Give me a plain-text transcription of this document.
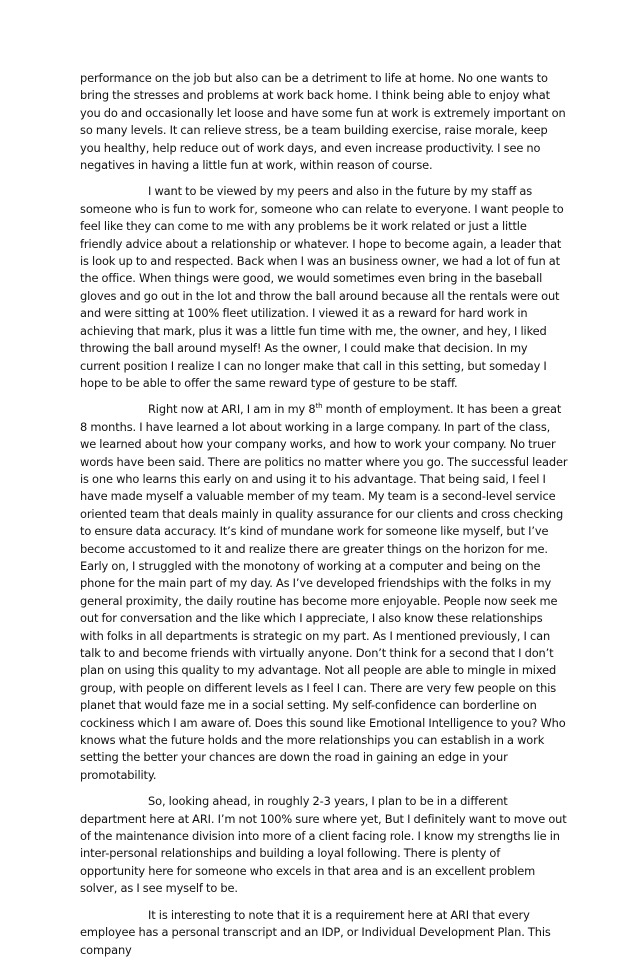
performance on the job but also can be a detriment to life at home. No one wants to bring the stresses and problems at work back home. I think being able to enjoy what you do and occasionally let loose and have some fun at work is extremely important on so many levels. It can relieve stress, be a team building exercise, raise morale, keep you healthy, help reduce out of work days, and even increase productivity. I see no negatives in having a little fun at work, within reason of course.

I want to be viewed by my peers and also in the future by my staff as someone who is fun to work for, someone who can relate to everyone. I want people to feel like they can come to me with any problems be it work related or just a little friendly advice about a relationship or whatever. I hope to become again, a leader that is look up to and respected. Back when I was an business owner, we had a lot of fun at the office. When things were good, we would sometimes even bring in the baseball gloves and go out in the lot and throw the ball around because all the rentals were out and were sitting at 100% fleet utilization. I viewed it as a reward for hard work in achieving that mark, plus it was a little fun time with me, the owner, and hey, I liked throwing the ball around myself! As the owner, I could make that decision. In my current position I realize I can no longer make that call in this setting, but someday I hope to be able to offer the same reward type of gesture to be staff.

Right now at ARI, I am in my 8th month of employment. It has been a great 8 months. I have learned a lot about working in a large company. In part of the class, we learned about how your company works, and how to work your company. No truer words have been said. There are politics no matter where you go. The successful leader is one who learns this early on and using it to his advantage. That being said, I feel I have made myself a valuable member of my team. My team is a second-level service oriented team that deals mainly in quality assurance for our clients and cross checking to ensure data accuracy. It’s kind of mundane work for someone like myself, but I’ve become accustomed to it and realize there are greater things on the horizon for me. Early on, I struggled with the monotony of working at a computer and being on the phone for the main part of my day. As I’ve developed friendships with the folks in my general proximity, the daily routine has become more enjoyable. People now seek me out for conversation and the like which I appreciate, I also know these relationships with folks in all departments is strategic on my part. As I mentioned previously, I can talk to and become friends with virtually anyone. Don’t think for a second that I don’t plan on using this quality to my advantage. Not all people are able to mingle in mixed group, with people on different levels as I feel I can. There are very few people on this planet that would faze me in a social setting. My self-confidence can borderline on cockiness which I am aware of. Does this sound like Emotional Intelligence to you? Who knows what the future holds and the more relationships you can establish in a work setting the better your chances are down the road in gaining an edge in your promotability.

So, looking ahead, in roughly 2-3 years, I plan to be in a different department here at ARI. I’m not 100% sure where yet, But I definitely want to move out of the maintenance division into more of a client facing role. I know my strengths lie in inter-personal relationships and building a loyal following. There is plenty of opportunity here for someone who excels in that area and is an excellent problem solver, as I see myself to be.

It is interesting to note that it is a requirement here at ARI that every employee has a personal transcript and an IDP, or Individual Development Plan. This company
